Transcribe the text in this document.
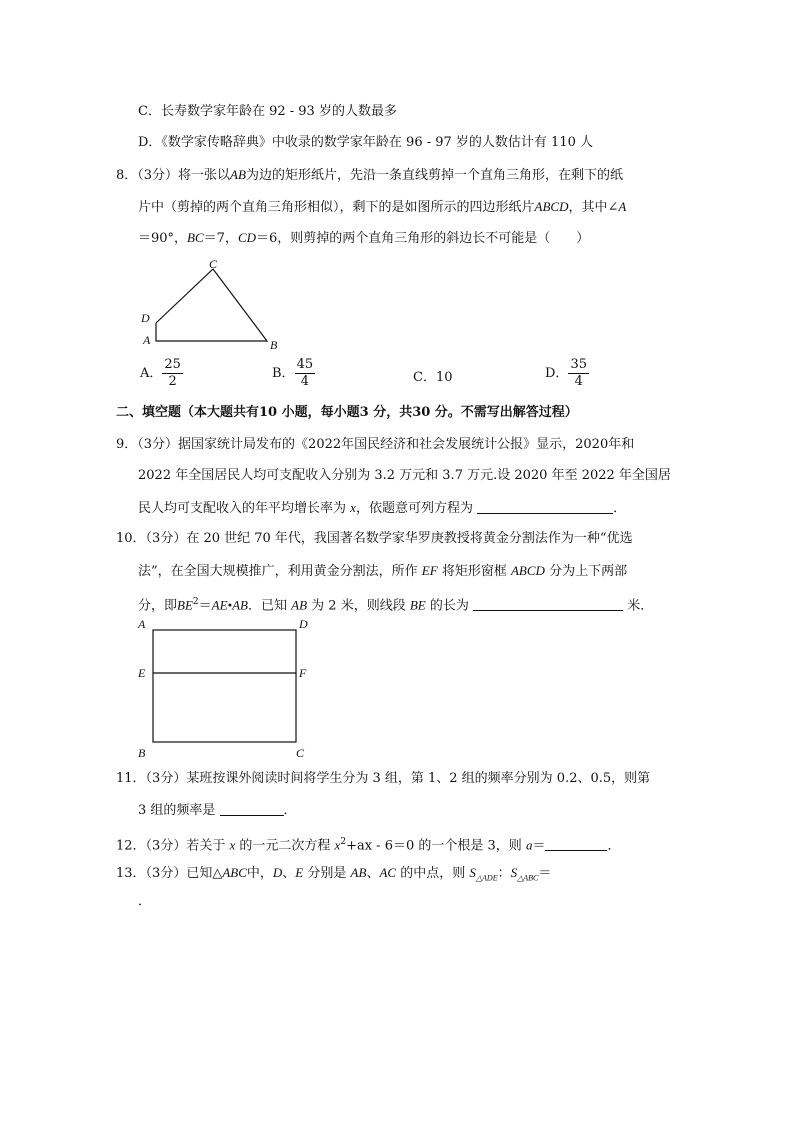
C．长寿数学家年龄在 92 - 93 岁的人数最多
D．《数学家传略辞典》中收录的数学家年龄在 96 - 97 岁的人数估计有 110 人
8．（3分）将一张以AB为边的矩形纸片，先沿一条直线剪掉一个直角三角形，在剩下的纸
片中（剪掉的两个直角三角形相似），剩下的是如图所示的四边形纸片ABCD，其中∠A
＝90°，BC＝7，CD＝6，则剪掉的两个直角三角形的斜边长不可能是（　　）
C
D
A	B
A． $\frac{25}{2}$	B． $\frac{45}{4}$	C．10	D． $\frac{35}{4}$
二、填空题（本大题共有10 小题，每小题3 分，共30 分。不需写出解答过程）
9．（3分）据国家统计局发布的《2022年国民经济和社会发展统计公报》显示，2020年和
2022 年全国居民人均可支配收入分别为 3.2 万元和 3.7 万元.设 2020 年至 2022 年全国居
民人均可支配收入的年平均增长率为 x，依题意可列方程为	．
10．（3分）在 20 世纪 70 年代，我国著名数学家华罗庚教授将黄金分割法作为一种“优选
法”，在全国大规模推广，利用黄金分割法，所作 EF 将矩形窗框 ABCD 分为上下两部
分，即$BE^2=AE•AB$．已知 AB 为 2 米，则线段 BE 的长为	米．
A	D
E	F
B	C
11．（3分）某班按课外阅读时间将学生分为 3 组，第 1、2 组的频率分别为 0.2、0.5，则第
3 组的频率是	．
12．（3分）若关于 x 的一元二次方程 $x^2+ax - 6=0$ 的一个根是 3，则 a＝	．
13．（3分）已知△ABC中，D、E 分别是 AB、AC 的中点，则 $S_{\triangle ADE}$：$S_{\triangle ABC}=$
．
